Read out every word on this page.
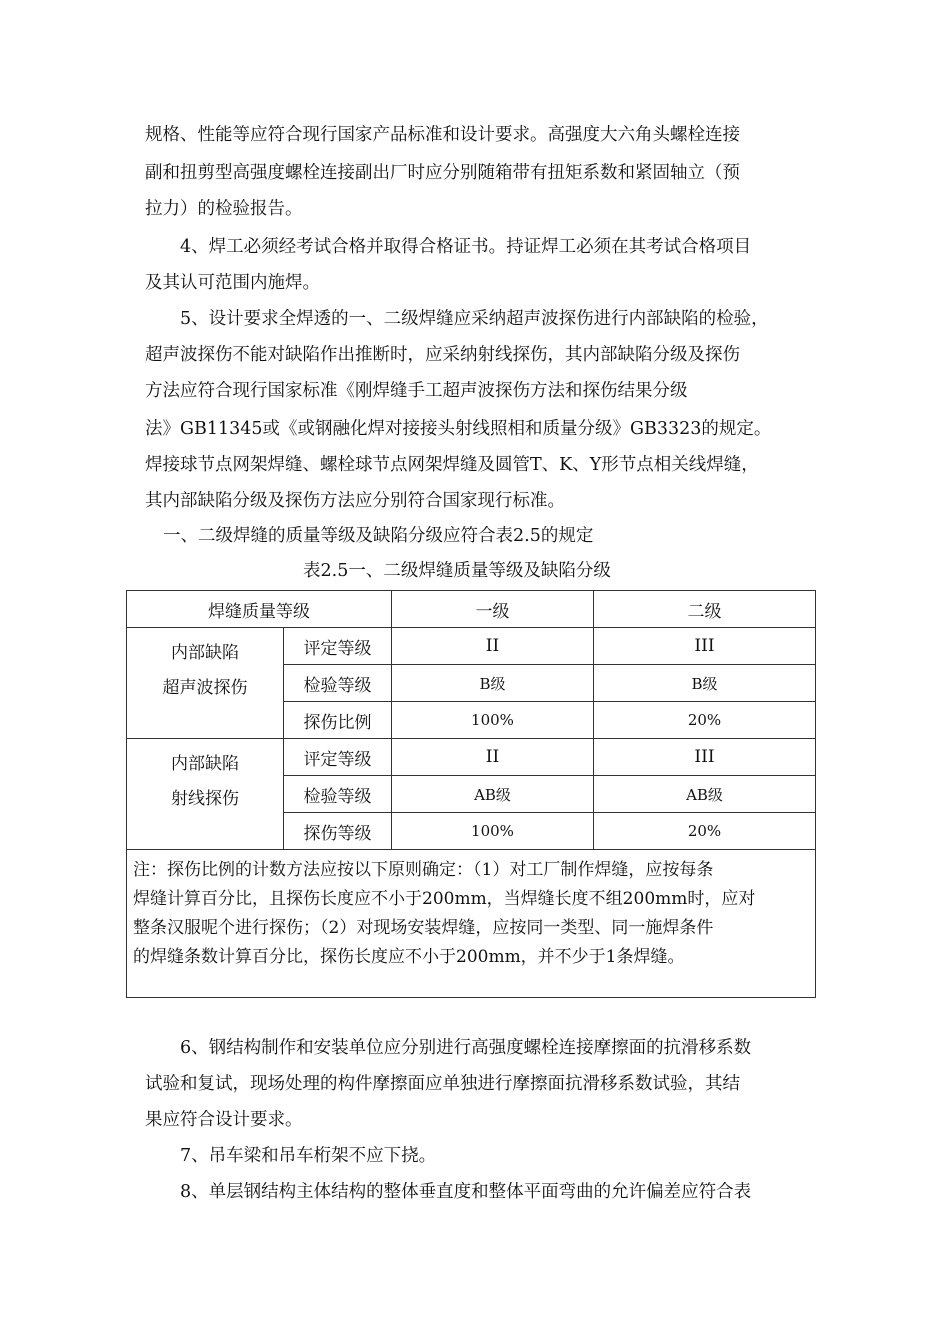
规格、性能等应符合现行国家产品标准和设计要求。高强度大六角头螺栓连接
副和扭剪型高强度螺栓连接副出厂时应分别随箱带有扭矩系数和紧固轴立（预
拉力）的检验报告。
4、焊工必须经考试合格并取得合格证书。持证焊工必须在其考试合格项目
及其认可范围内施焊。
5、设计要求全焊透的一、二级焊缝应采纳超声波探伤进行内部缺陷的检验，
超声波探伤不能对缺陷作出推断时，应采纳射线探伤，其内部缺陷分级及探伤
方法应符合现行国家标准《刚焊缝手工超声波探伤方法和探伤结果分级
法》GB11345或《或钢融化焊对接接头射线照相和质量分级》GB3323的规定。
焊接球节点网架焊缝、螺栓球节点网架焊缝及圆管T、K、Y形节点相关线焊缝，
其内部缺陷分级及探伤方法应分别符合国家现行标准。
一、二级焊缝的质量等级及缺陷分级应符合表2.5的规定
表2.5一、二级焊缝质量等级及缺陷分级
焊缝质量等级		一级	二级

内部缺陷
超声波探伤	评定等级	II	III
	检验等级	B级	B级
	探伤比例	100%	20%

内部缺陷
射线探伤	评定等级	II	III
	检验等级	AB级	AB级
	探伤等级	100%	20%

注：探伤比例的计数方法应按以下原则确定：（1）对工厂制作焊缝，应按每条
焊缝计算百分比，且探伤长度应不小于200mm，当焊缝长度不组200mm时，应对
整条汉服呢个进行探伤；（2）对现场安装焊缝，应按同一类型、同一施焊条件
的焊缝条数计算百分比，探伤长度应不小于200mm，并不少于1条焊缝。			
6、钢结构制作和安装单位应分别进行高强度螺栓连接摩擦面的抗滑移系数
试验和复试，现场处理的构件摩擦面应单独进行摩擦面抗滑移系数试验，其结
果应符合设计要求。
7、吊车梁和吊车桁架不应下挠。
8、单层钢结构主体结构的整体垂直度和整体平面弯曲的允许偏差应符合表
